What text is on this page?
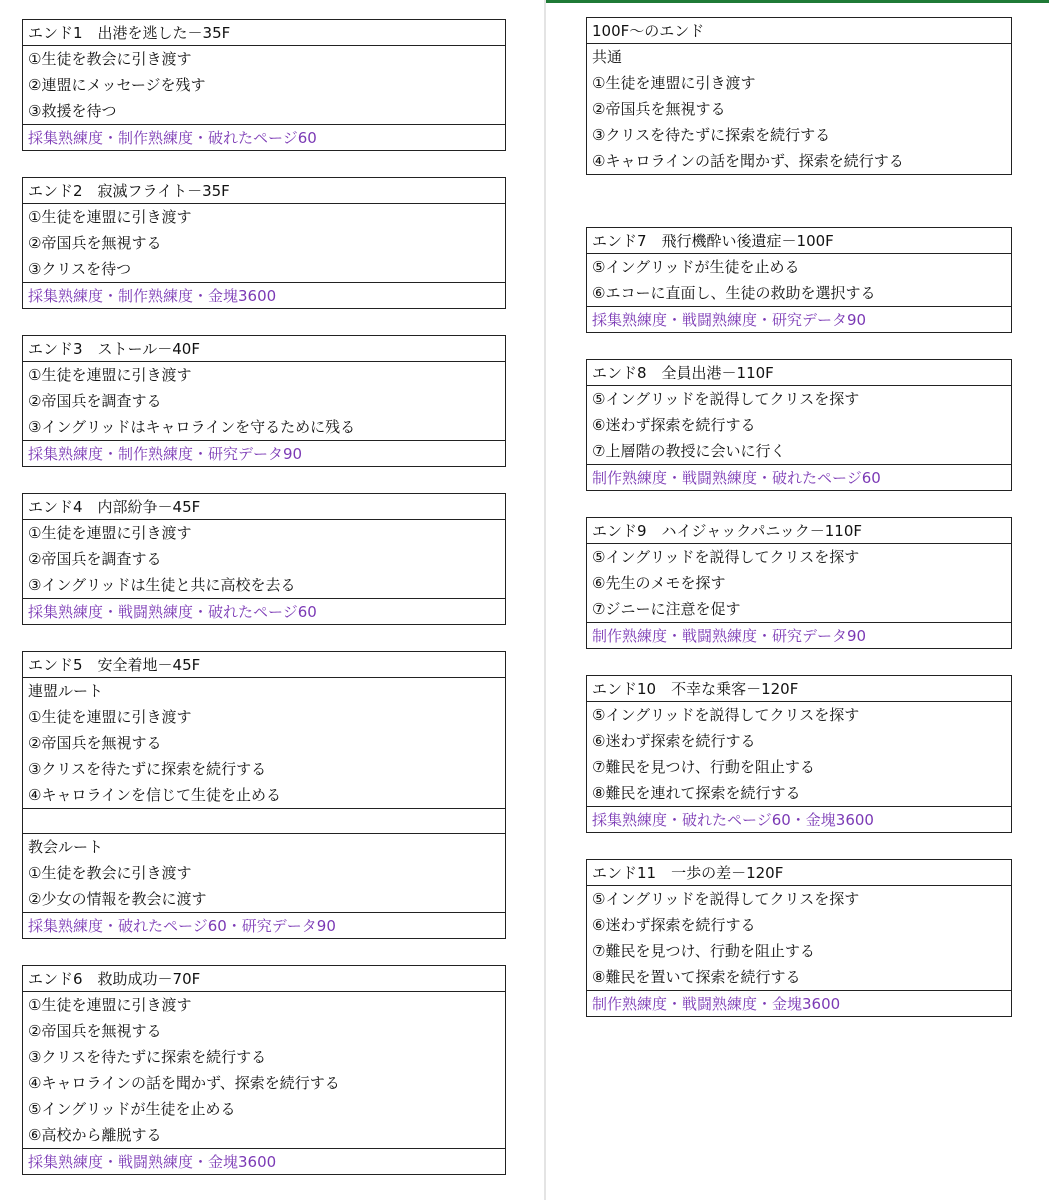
エンド1　出港を逃した－35F
①生徒を教会に引き渡す
②連盟にメッセージを残す
③救援を待つ
採集熟練度・制作熟練度・破れたページ60
エンド2　寂滅フライト－35F
①生徒を連盟に引き渡す
②帝国兵を無視する
③クリスを待つ
採集熟練度・制作熟練度・金塊3600
エンド3　ストール－40F
①生徒を連盟に引き渡す
②帝国兵を調査する
③イングリッドはキャロラインを守るために残る
採集熟練度・制作熟練度・研究データ90
エンド4　内部紛争－45F
①生徒を連盟に引き渡す
②帝国兵を調査する
③イングリッドは生徒と共に高校を去る
採集熟練度・戦闘熟練度・破れたページ60
エンド5　安全着地－45F
連盟ルート
①生徒を連盟に引き渡す
②帝国兵を無視する
③クリスを待たずに探索を続行する
④キャロラインを信じて生徒を止める
教会ルート
①生徒を教会に引き渡す
②少女の情報を教会に渡す
採集熟練度・破れたページ60・研究データ90
エンド6　救助成功－70F
①生徒を連盟に引き渡す
②帝国兵を無視する
③クリスを待たずに探索を続行する
④キャロラインの話を聞かず、探索を続行する
⑤イングリッドが生徒を止める
⑥高校から離脱する
採集熟練度・戦闘熟練度・金塊3600
100F～のエンド
共通
①生徒を連盟に引き渡す
②帝国兵を無視する
③クリスを待たずに探索を続行する
④キャロラインの話を聞かず、探索を続行する
エンド7　飛行機酔い後遺症－100F
⑤イングリッドが生徒を止める
⑥エコーに直面し、生徒の救助を選択する
採集熟練度・戦闘熟練度・研究データ90
エンド8　全員出港－110F
⑤イングリッドを説得してクリスを探す
⑥迷わず探索を続行する
⑦上層階の教授に会いに行く
制作熟練度・戦闘熟練度・破れたページ60
エンド9　ハイジャックパニック－110F
⑤イングリッドを説得してクリスを探す
⑥先生のメモを探す
⑦ジニーに注意を促す
制作熟練度・戦闘熟練度・研究データ90
エンド10　不幸な乗客－120F
⑤イングリッドを説得してクリスを探す
⑥迷わず探索を続行する
⑦難民を見つけ、行動を阻止する
⑧難民を連れて探索を続行する
採集熟練度・破れたページ60・金塊3600
エンド11　一歩の差－120F
⑤イングリッドを説得してクリスを探す
⑥迷わず探索を続行する
⑦難民を見つけ、行動を阻止する
⑧難民を置いて探索を続行する
制作熟練度・戦闘熟練度・金塊3600
